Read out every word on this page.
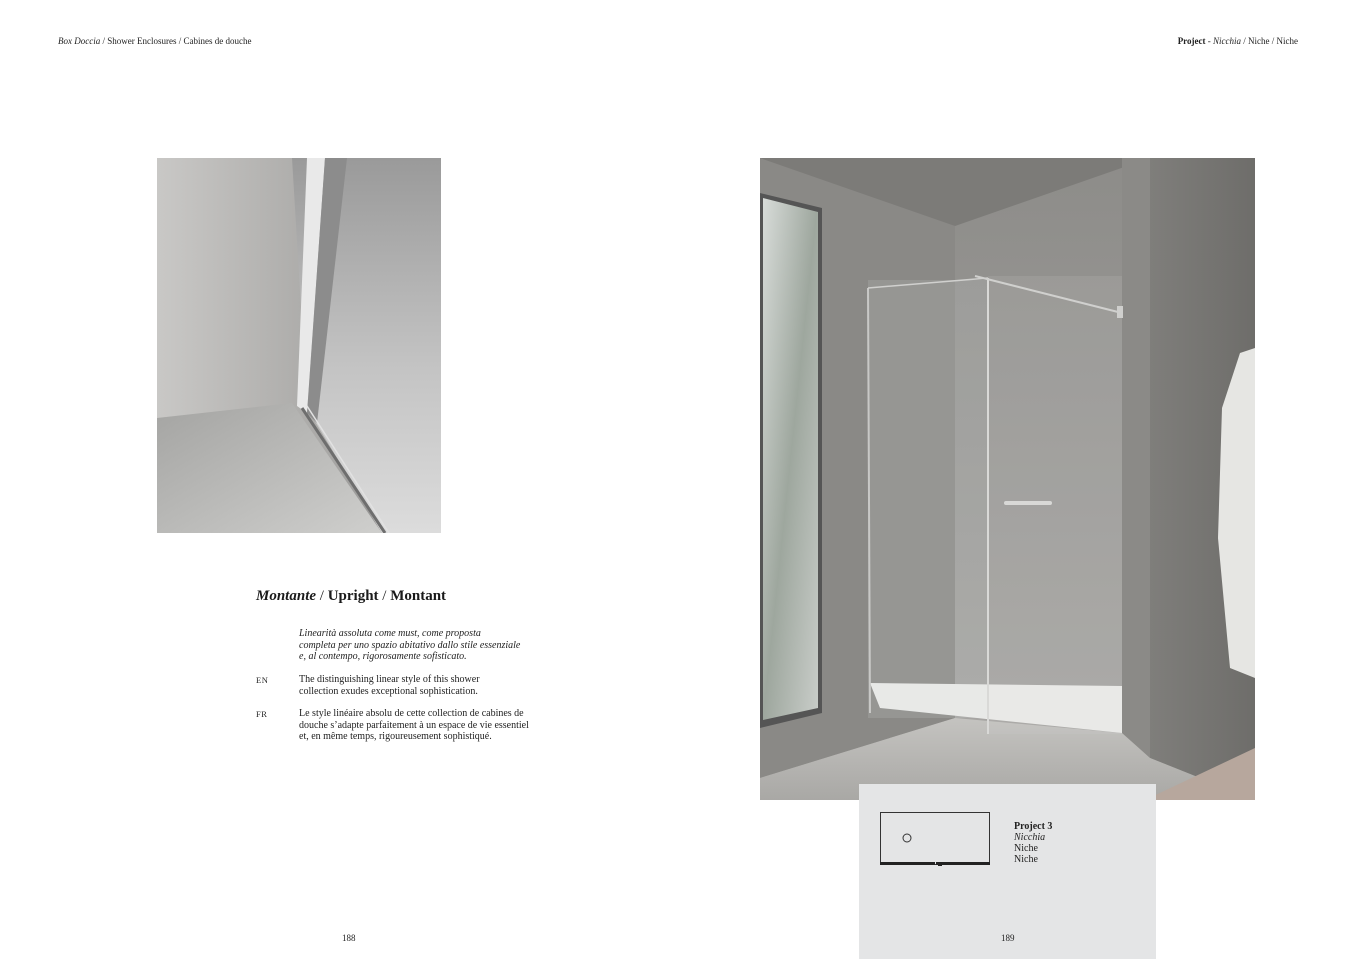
Box Doccia / Shower Enclosures / Cabines de douche	Project - Nicchia / Niche / Niche
Montante / Upright / Montant
Linearità assoluta come must, come proposta
completa per uno spazio abitativo dallo stile essenziale
e, al contempo, rigorosamente sofisticato.
EN	The distinguishing linear style of this shower
collection exudes exceptional sophistication.
FR	Le style linéaire absolu de cette collection de cabines de
douche s’adapte parfaitement à un espace de vie essentiel
et, en même temps, rigoureusement sophistiqué.
Project 3
Nicchia
Niche
Niche
188	189
